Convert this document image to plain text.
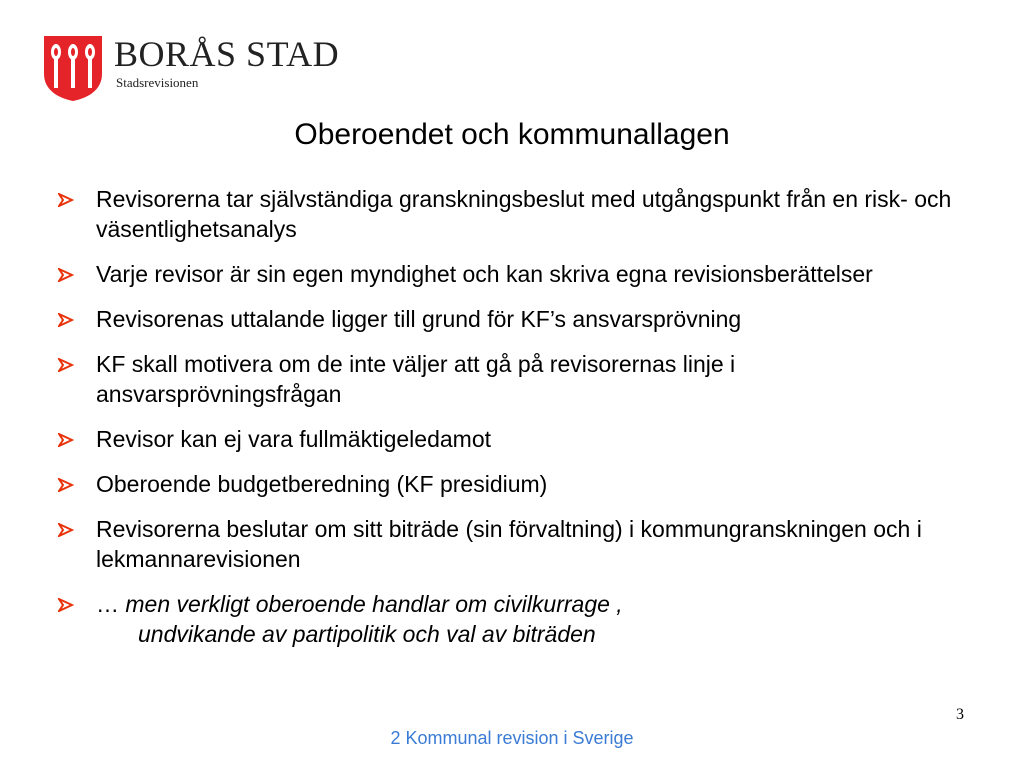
BORÅS STAD
Stadsrevisionen
Oberoendet och kommunallagen
Revisorerna tar självständiga granskningsbeslut med utgångspunkt från en risk- och väsentlighetsanalys
Varje revisor är sin egen myndighet och kan skriva egna revisionsberättelser
Revisorenas uttalande ligger till grund för KF’s ansvarsprövning
KF skall motivera om de inte väljer att gå på revisorernas linje i ansvarsprövningsfrågan
Revisor kan ej vara fullmäktigeledamot
Oberoende budgetberedning (KF presidium)
Revisorerna beslutar om sitt biträde (sin förvaltning) i kommungranskningen och i lekmannarevisionen
… men verkligt oberoende handlar om civilkurrage ,
undvikande av partipolitik och val av biträden
3
2 Kommunal revision i Sverige
